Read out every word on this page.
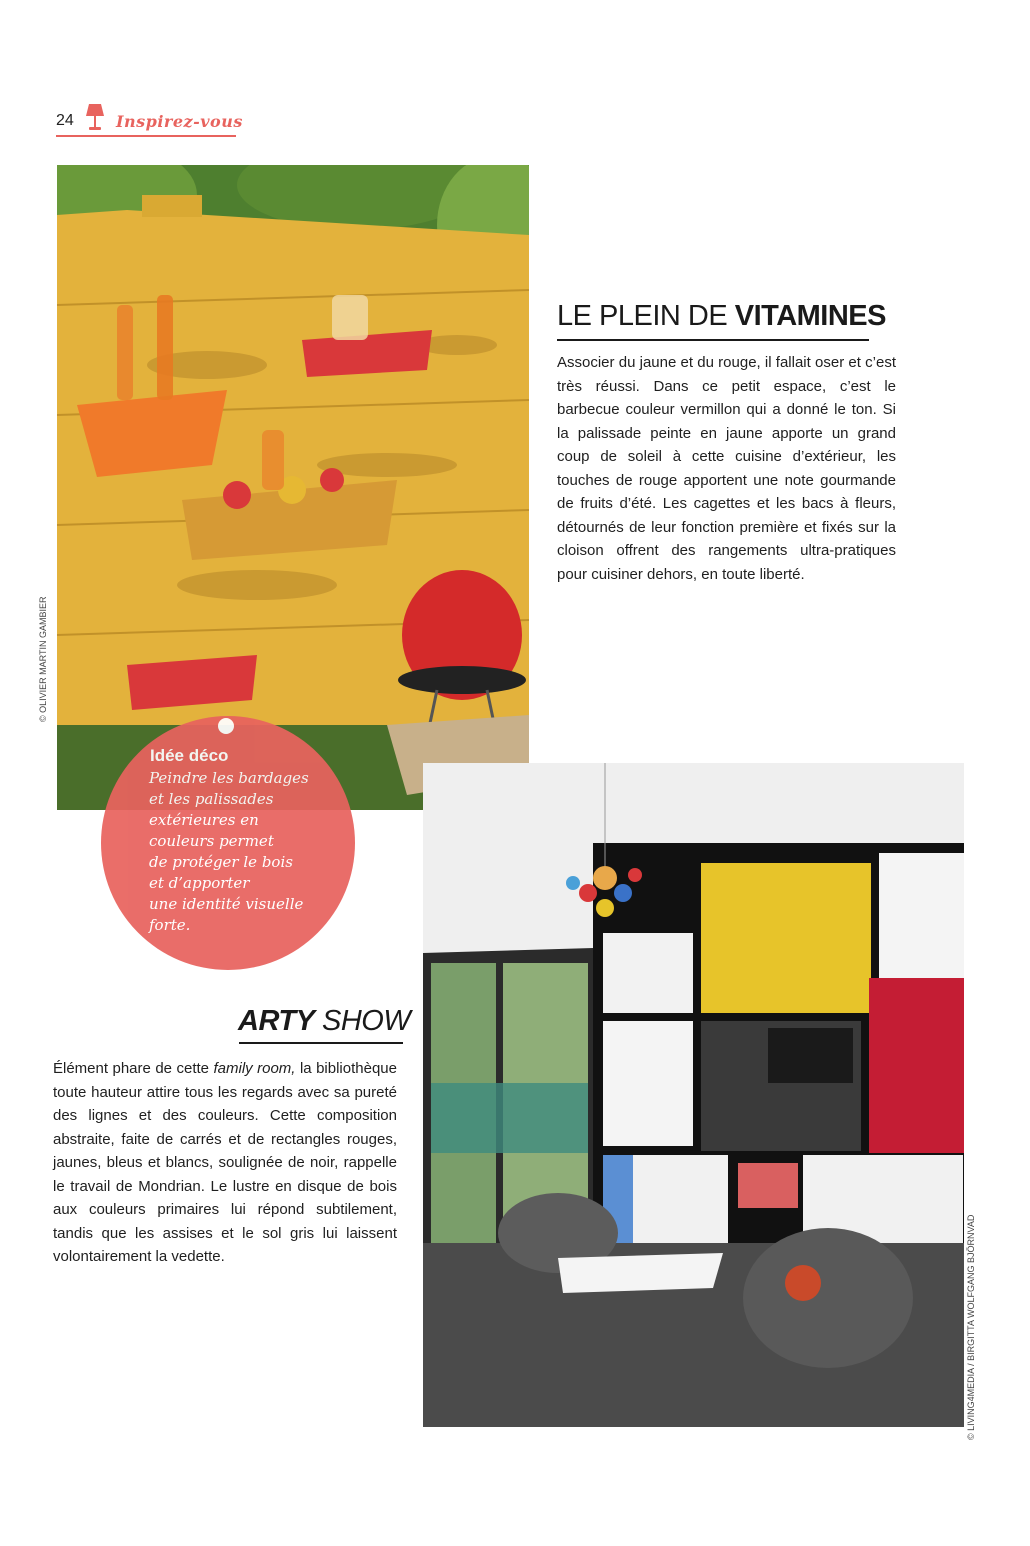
24	Inspirez-vous
© OLIVIER MARTIN GAMBIER
LE PLEIN DE VITAMINES
Associer du jaune et du rouge, il fallait oser et c’est très réussi. Dans ce petit espace, c’est le barbecue couleur vermillon qui a donné le ton. Si la palissade peinte en jaune apporte un grand coup de soleil à cette cuisine d’extérieur, les touches de rouge apportent une note gourmande de fruits d’été. Les cagettes et les bacs à fleurs, détournés de leur fonction première et fixés sur la cloison offrent des rangements ultra-pratiques pour cuisiner dehors, en toute liberté.
© LIVING4MEDIA / BIRGITTA WOLFGANG BJÖRNVAD
Idée déco
Peindre les bardages
et les palissades
extérieures en
couleurs permet
de protéger le bois
et d’apporter
une identité visuelle
forte.
ARTY SHOW
Élément phare de cette family room, la bibliothèque toute hauteur attire tous les regards avec sa pureté des lignes et des couleurs. Cette composition abstraite, faite de carrés et de rectangles rouges, jaunes, bleus et blancs, soulignée de noir, rappelle le travail de Mondrian. Le lustre en disque de bois aux couleurs primaires lui répond subtilement, tandis que les assises et le sol gris lui laissent volontairement la vedette.
